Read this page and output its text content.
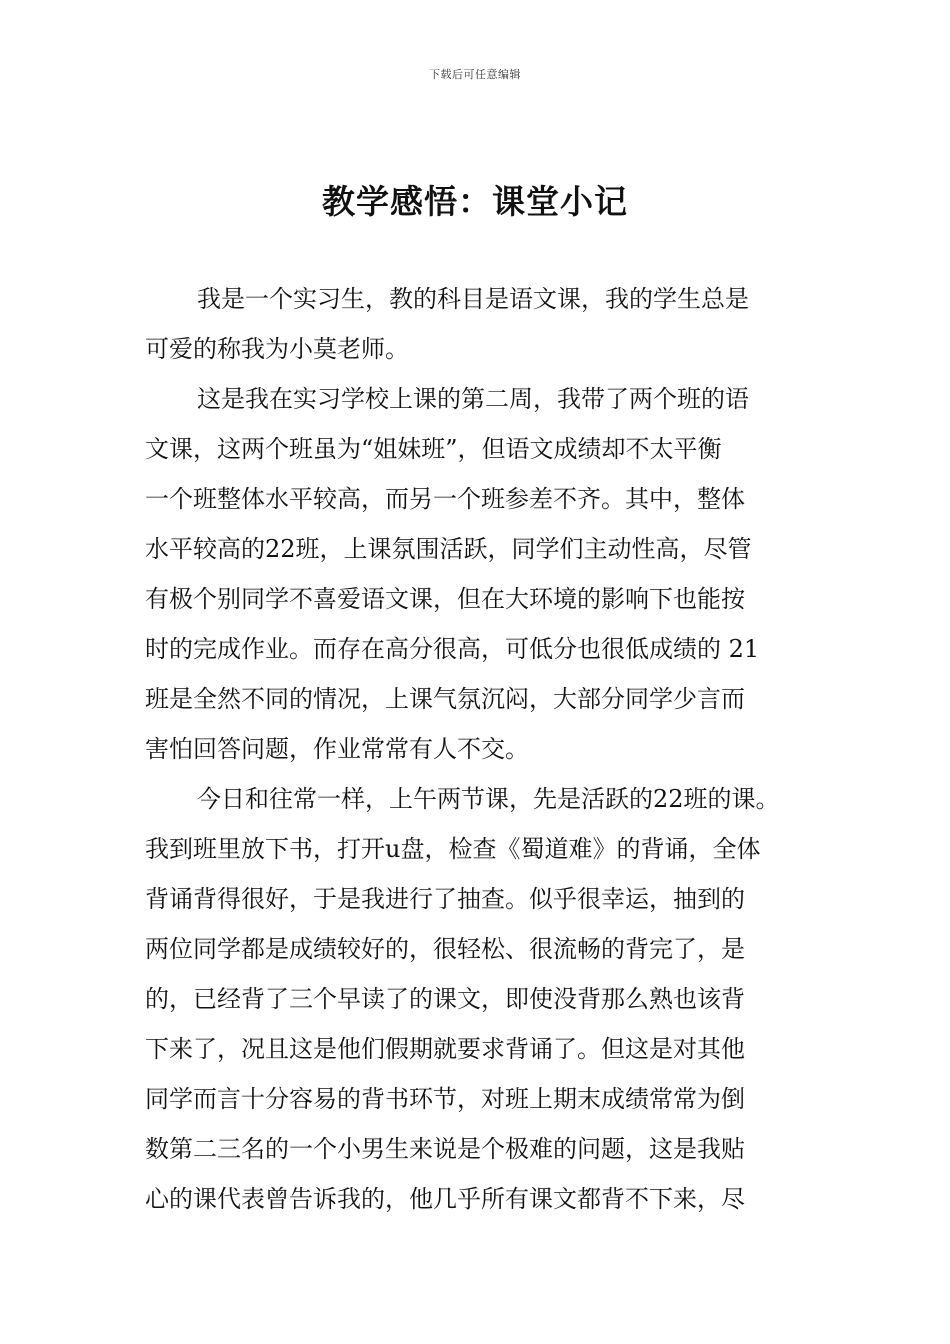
下载后可任意编辑
教学感悟：课堂小记
我是一个实习生，教的科目是语文课，我的学生总是
可爱的称我为小莫老师。
这是我在实习学校上课的第二周，我带了两个班的语
文课，这两个班虽为“姐妹班”，但语文成绩却不太平衡
一个班整体水平较高，而另一个班参差不齐。其中，整体
水平较高的22班，上课氛围活跃，同学们主动性高，尽管
有极个别同学不喜爱语文课，但在大环境的影响下也能按
时的完成作业。而存在高分很高，可低分也很低成绩的 21
班是全然不同的情况，上课气氛沉闷，大部分同学少言而
害怕回答问题，作业常常有人不交。
今日和往常一样，上午两节课，先是活跃的22班的课。
我到班里放下书，打开u盘，检查《蜀道难》的背诵，全体
背诵背得很好，于是我进行了抽查。似乎很幸运，抽到的
两位同学都是成绩较好的，很轻松、很流畅的背完了，是
的，已经背了三个早读了的课文，即使没背那么熟也该背
下来了，况且这是他们假期就要求背诵了。但这是对其他
同学而言十分容易的背书环节，对班上期末成绩常常为倒
数第二三名的一个小男生来说是个极难的问题，这是我贴
心的课代表曾告诉我的，他几乎所有课文都背不下来，尽
